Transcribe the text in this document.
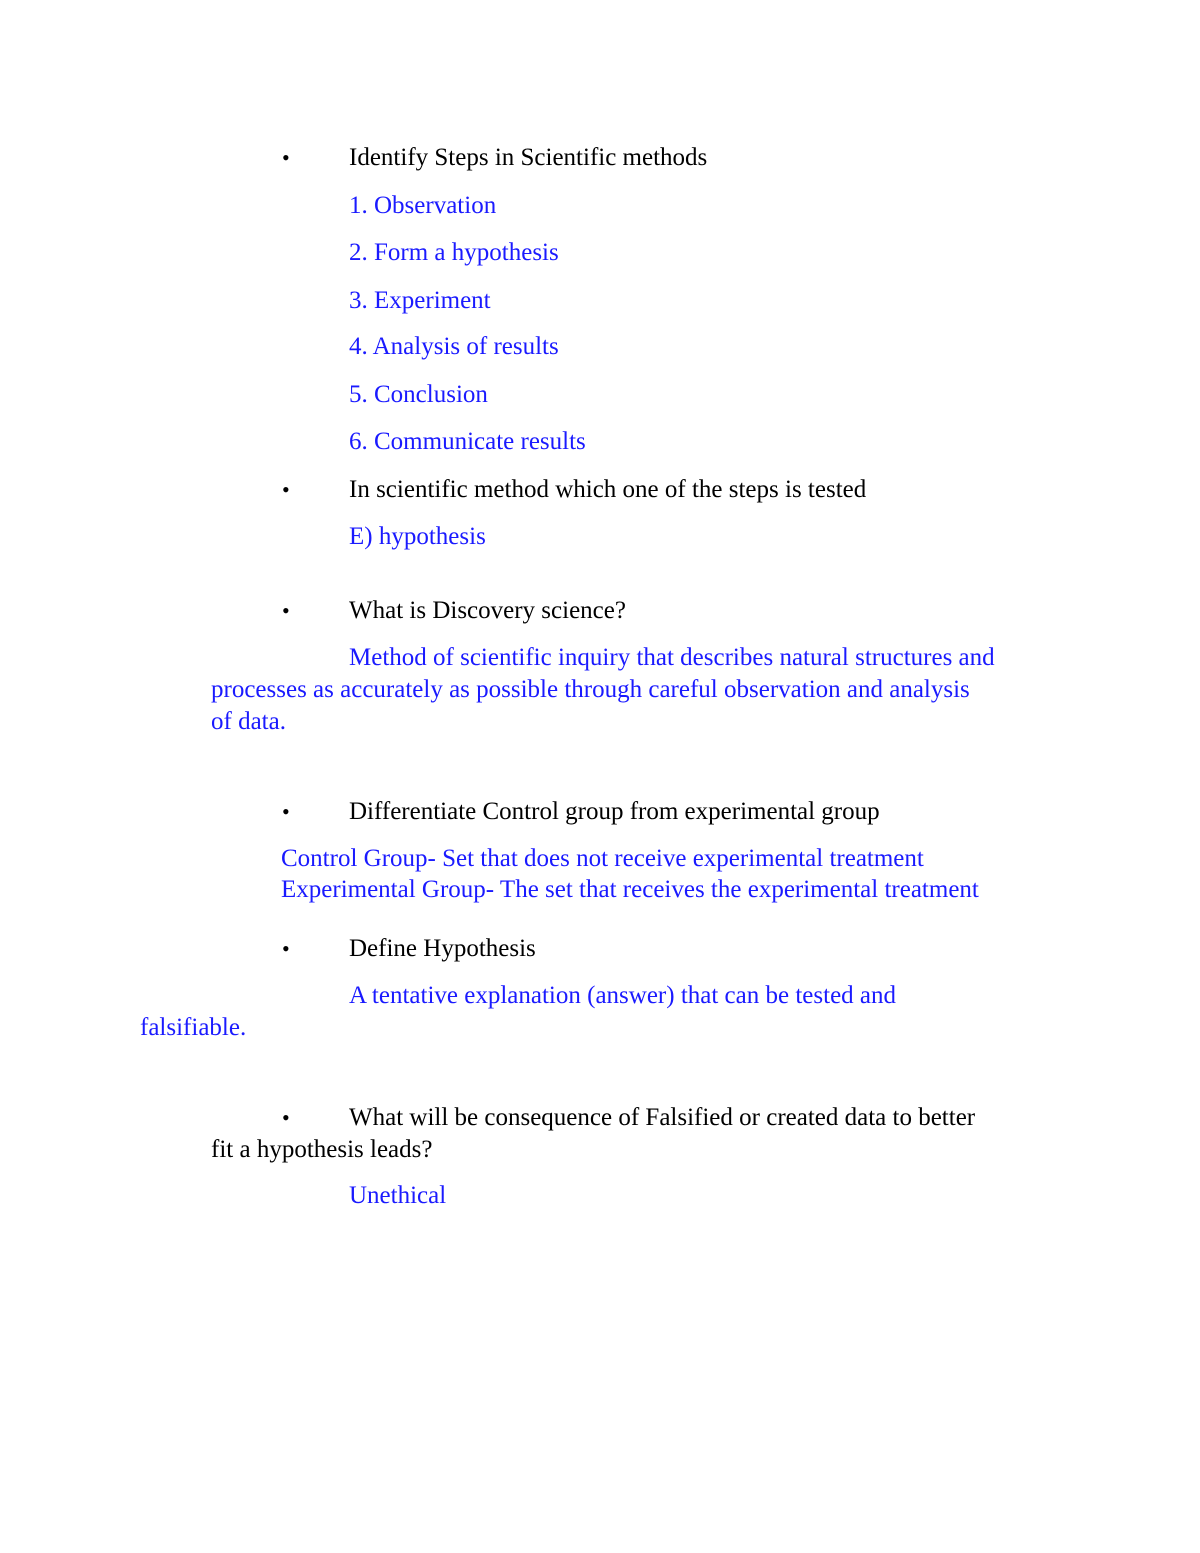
• Identify Steps in Scientific methods
1. Observation
2. Form a hypothesis
3. Experiment
4. Analysis of results
5. Conclusion
6. Communicate results
• In scientific method which one of the steps is tested
E) hypothesis
• What is Discovery science?
Method of scientific inquiry that describes natural structures and
processes as accurately as possible through careful observation and analysis
of data.
• Differentiate Control group from experimental group
Control Group- Set that does not receive experimental treatment
Experimental Group- The set that receives the experimental treatment
• Define Hypothesis
A tentative explanation (answer) that can be tested and
falsifiable.
• What will be consequence of Falsified or created data to better
fit a hypothesis leads?
Unethical
